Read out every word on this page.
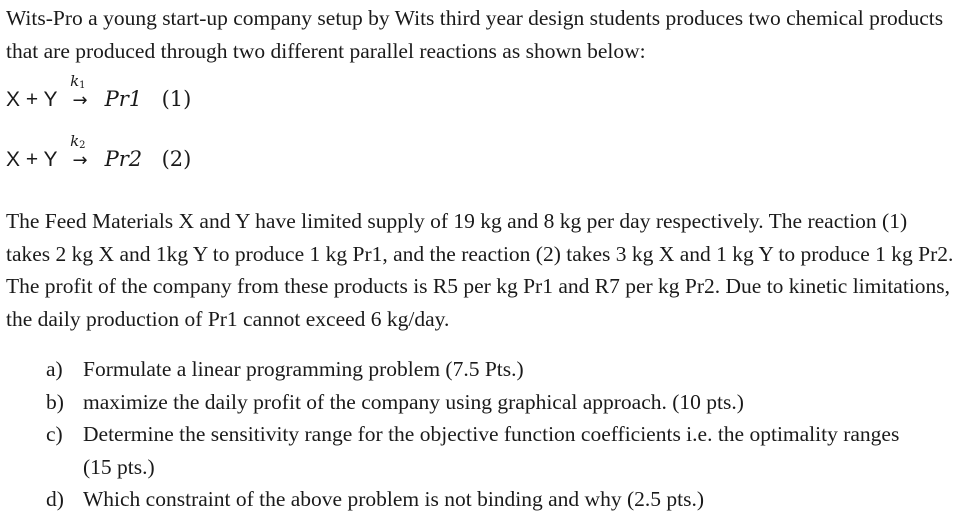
Wits-Pro a young start-up company setup by Wits third year design students produces two chemical products that are produced through two different parallel reactions as shown below:

X + Y
$k_1$
→ Pr1 (1)
X + Y
$k_2$
→ Pr2 (2)

The Feed Materials X and Y have limited supply of 19 kg and 8 kg per day respectively. The reaction (1) takes 2 kg X and 1kg Y to produce 1 kg Pr1, and the reaction (2) takes 3 kg X and 1 kg Y to produce 1 kg Pr2. The profit of the company from these products is R5 per kg Pr1 and R7 per kg Pr2. Due to kinetic limitations, the daily production of Pr1 cannot exceed 6 kg/day.

a) Formulate a linear programming problem (7.5 Pts.)
b) maximize the daily profit of the company using graphical approach. (10 pts.)
c) Determine the sensitivity range for the objective function coefficients i.e. the optimality ranges (15 pts.)
d) Which constraint of the above problem is not binding and why (2.5 pts.)
